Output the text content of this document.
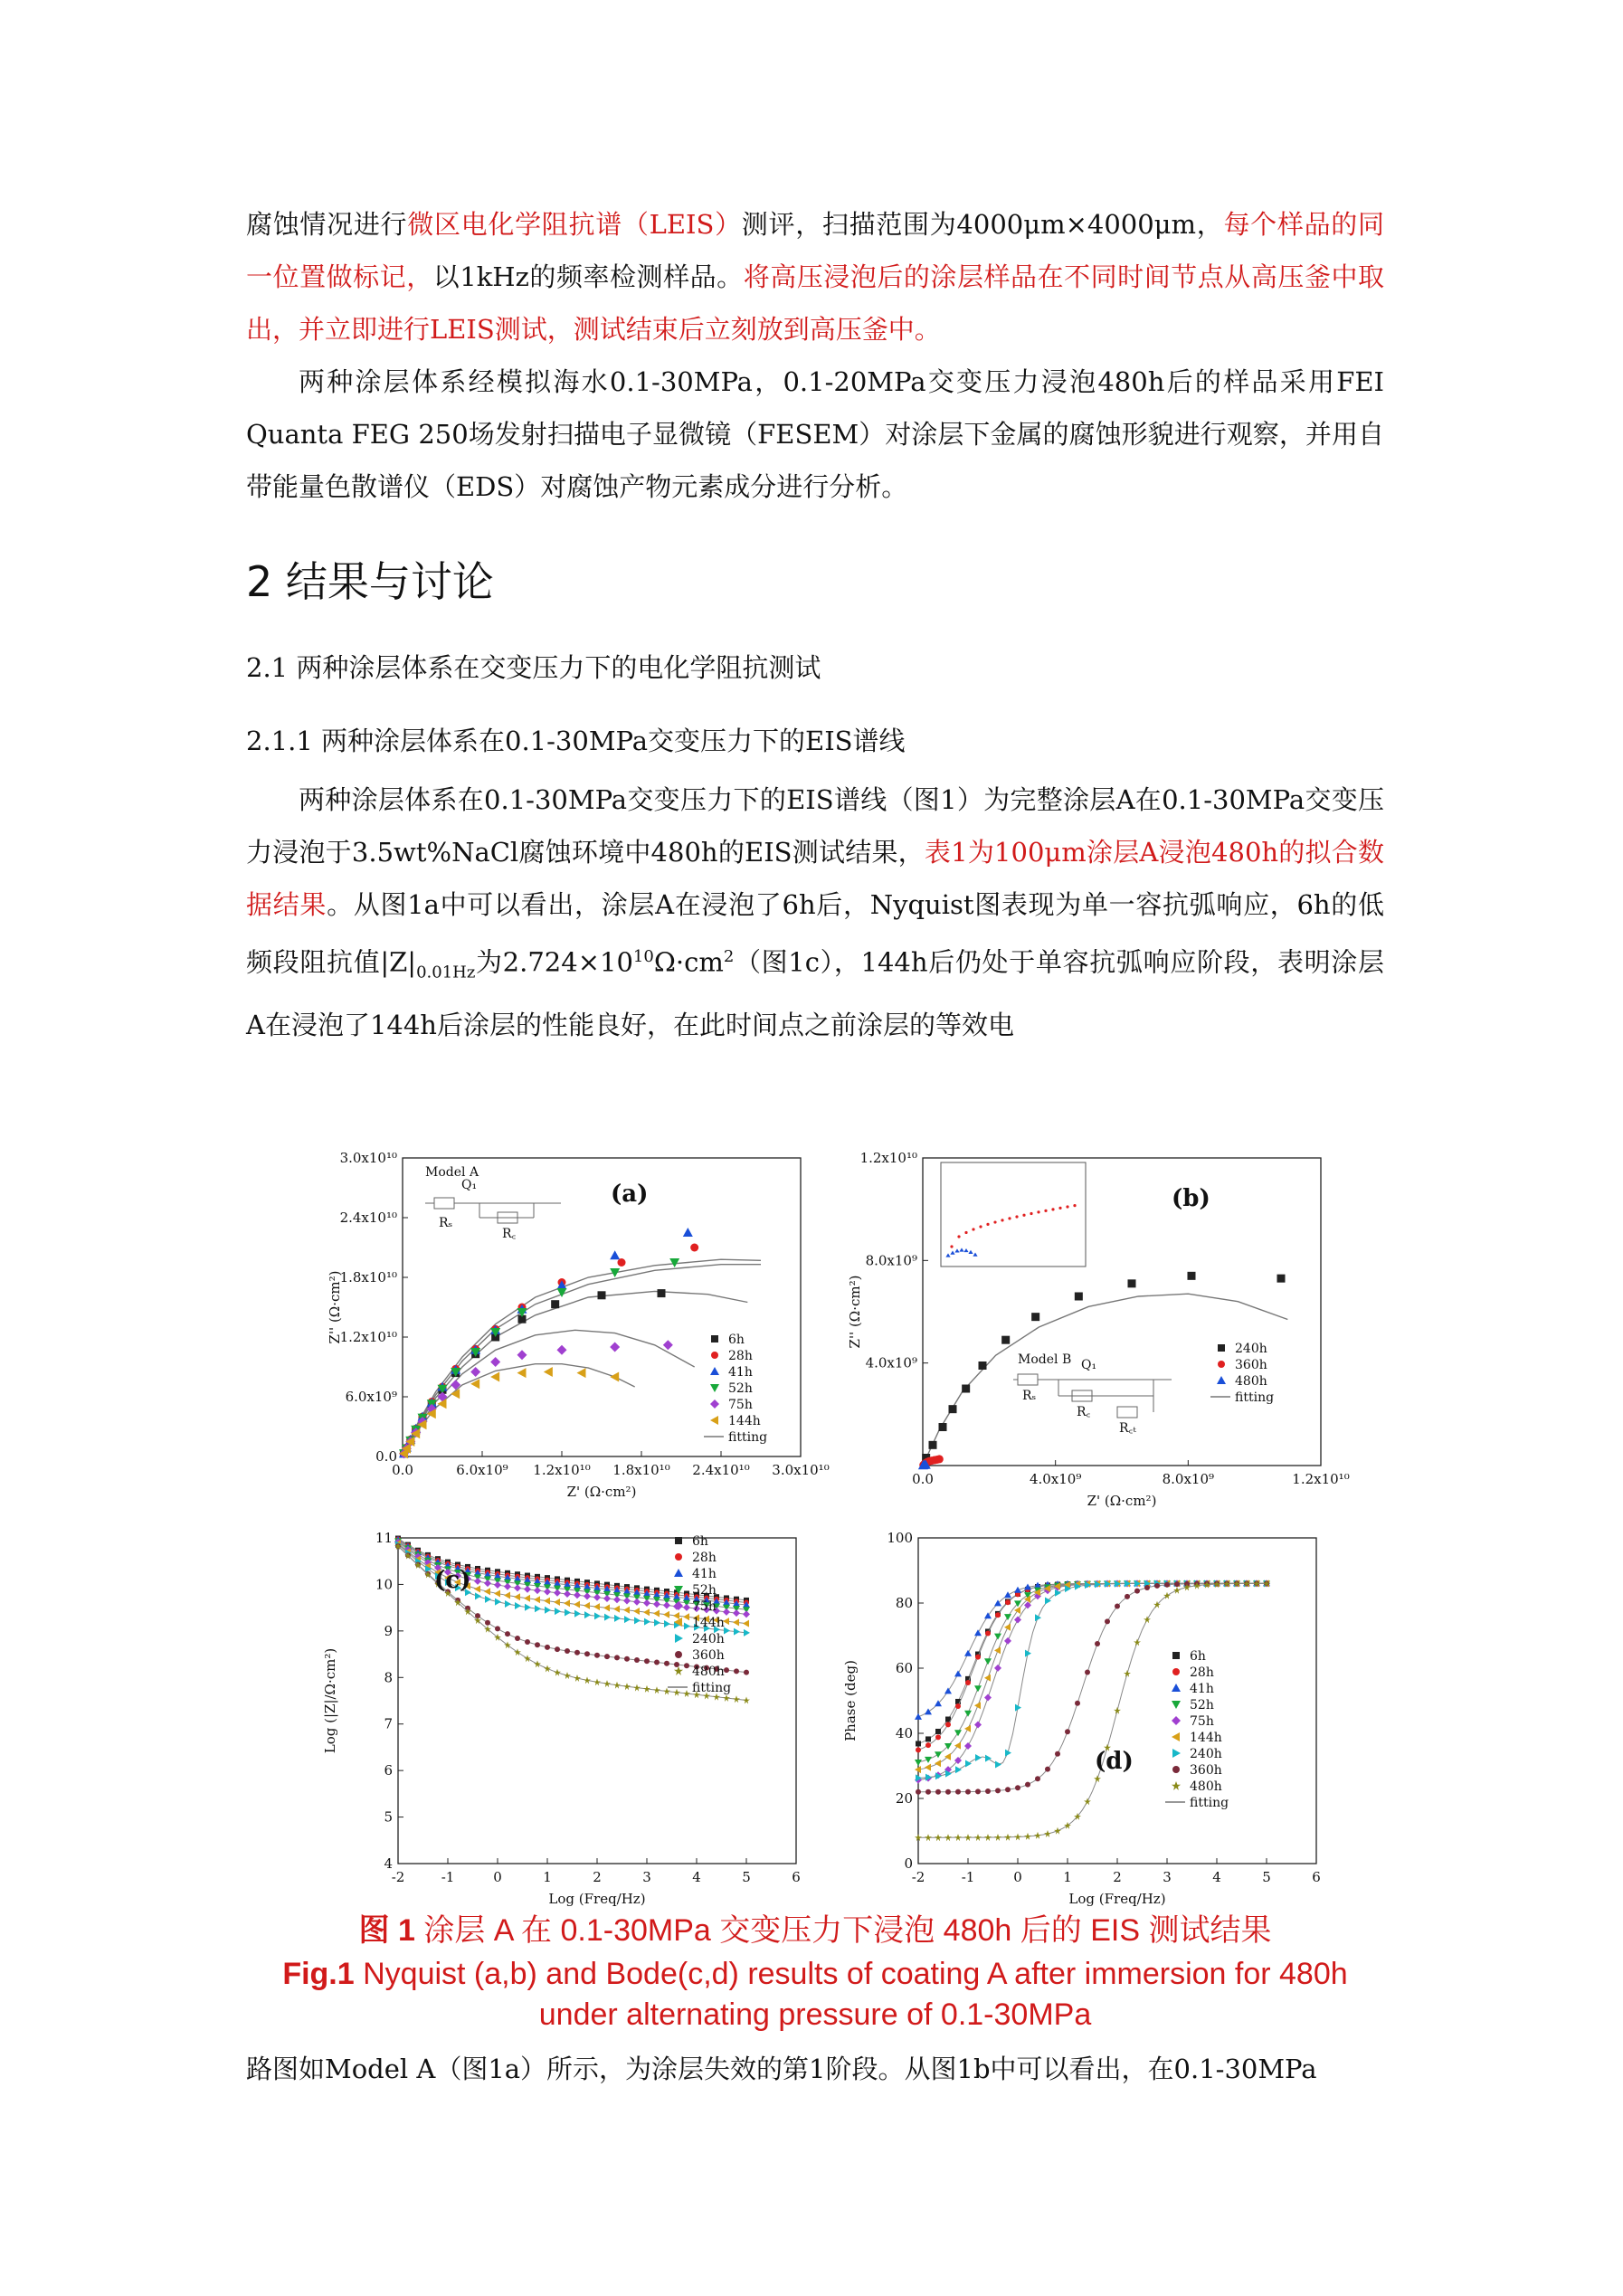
腐蚀情况进行微区电化学阻抗谱（LEIS）测评，扫描范围为4000μm×4000μm，每个样品的同一位置做标记，以1kHz的频率检测样品。将高压浸泡后的涂层样品在不同时间节点从高压釜中取出，并立即进行LEIS测试，测试结束后立刻放到高压釜中。
两种涂层体系经模拟海水0.1-30MPa，0.1-20MPa交变压力浸泡480h后的样品采用FEI Quanta FEG 250场发射扫描电子显微镜（FESEM）对涂层下金属的腐蚀形貌进行观察，并用自带能量色散谱仪（EDS）对腐蚀产物元素成分进行分析。
2 结果与讨论
2.1 两种涂层体系在交变压力下的电化学阻抗测试
2.1.1 两种涂层体系在0.1-30MPa交变压力下的EIS谱线
两种涂层体系在0.1-30MPa交变压力下的EIS谱线（图1）为完整涂层A在0.1-30MPa交变压力浸泡于3.5wt%NaCl腐蚀环境中480h的EIS测试结果，表1为100μm涂层A浸泡480h的拟合数据结果。从图1a中可以看出，涂层A在浸泡了6h后，Nyquist图表现为单一容抗弧响应，6h的低频段阻抗值$|Z|_{0.01Hz}$为$2.724\times 10^{10}\Omega\cdot cm^2$（图1c），144h后仍处于单容抗弧响应阶段，表明涂层A在浸泡了144h后涂层的性能良好，在此时间点之前涂层的等效电
0.0	6.0x10⁹ 1.2x10¹⁰ 1.8x10¹⁰ 2.4x10¹⁰ 3.0x10¹⁰
0.0
6.0x10⁹
1.2x10¹⁰
1.8x10¹⁰
2.4x10¹⁰
3.0x10¹⁰
Z' (Ω·cm²)
Z'' (Ω·cm²)
Model A
Q₁
Rₛ
R꜀
(a)
6h
28h
41h
52h
75h
144h
fitting
0.0	4.0x10⁹	8.0x10⁹	1.2x10¹⁰
4.0x10⁹
8.0x10⁹
1.2x10¹⁰
Z' (Ω·cm²)
Z'' (Ω·cm²)
Model B Q₁
Rₛ
R꜀
R꜀ₜ
(b)
240h
360h
480h
fitting
-2	-1	0	1	2	3	4	5	6
4
5
6
7
8
9
10
11
Log (Freq/Hz)
Log (|Z|/Ω·cm²)
(c)
6h
28h
41h
52h
75h
144h
240h
360h
480h
fitting
-2	-1	0	1	2	3	4	5	6
0
20
40
60
80
100
Log (Freq/Hz)
Phase (deg)
(d)
6h
28h
41h
52h
75h
144h
240h
360h
480h
fitting
图 1 涂层 A 在 0.1-30MPa 交变压力下浸泡 480h 后的 EIS 测试结果
Fig.1 Nyquist (a,b) and Bode(c,d) results of coating A after immersion for 480h under alternating pressure of 0.1-30MPa
路图如Model A（图1a）所示，为涂层失效的第1阶段。从图1b中可以看出，在0.1-30MPa
